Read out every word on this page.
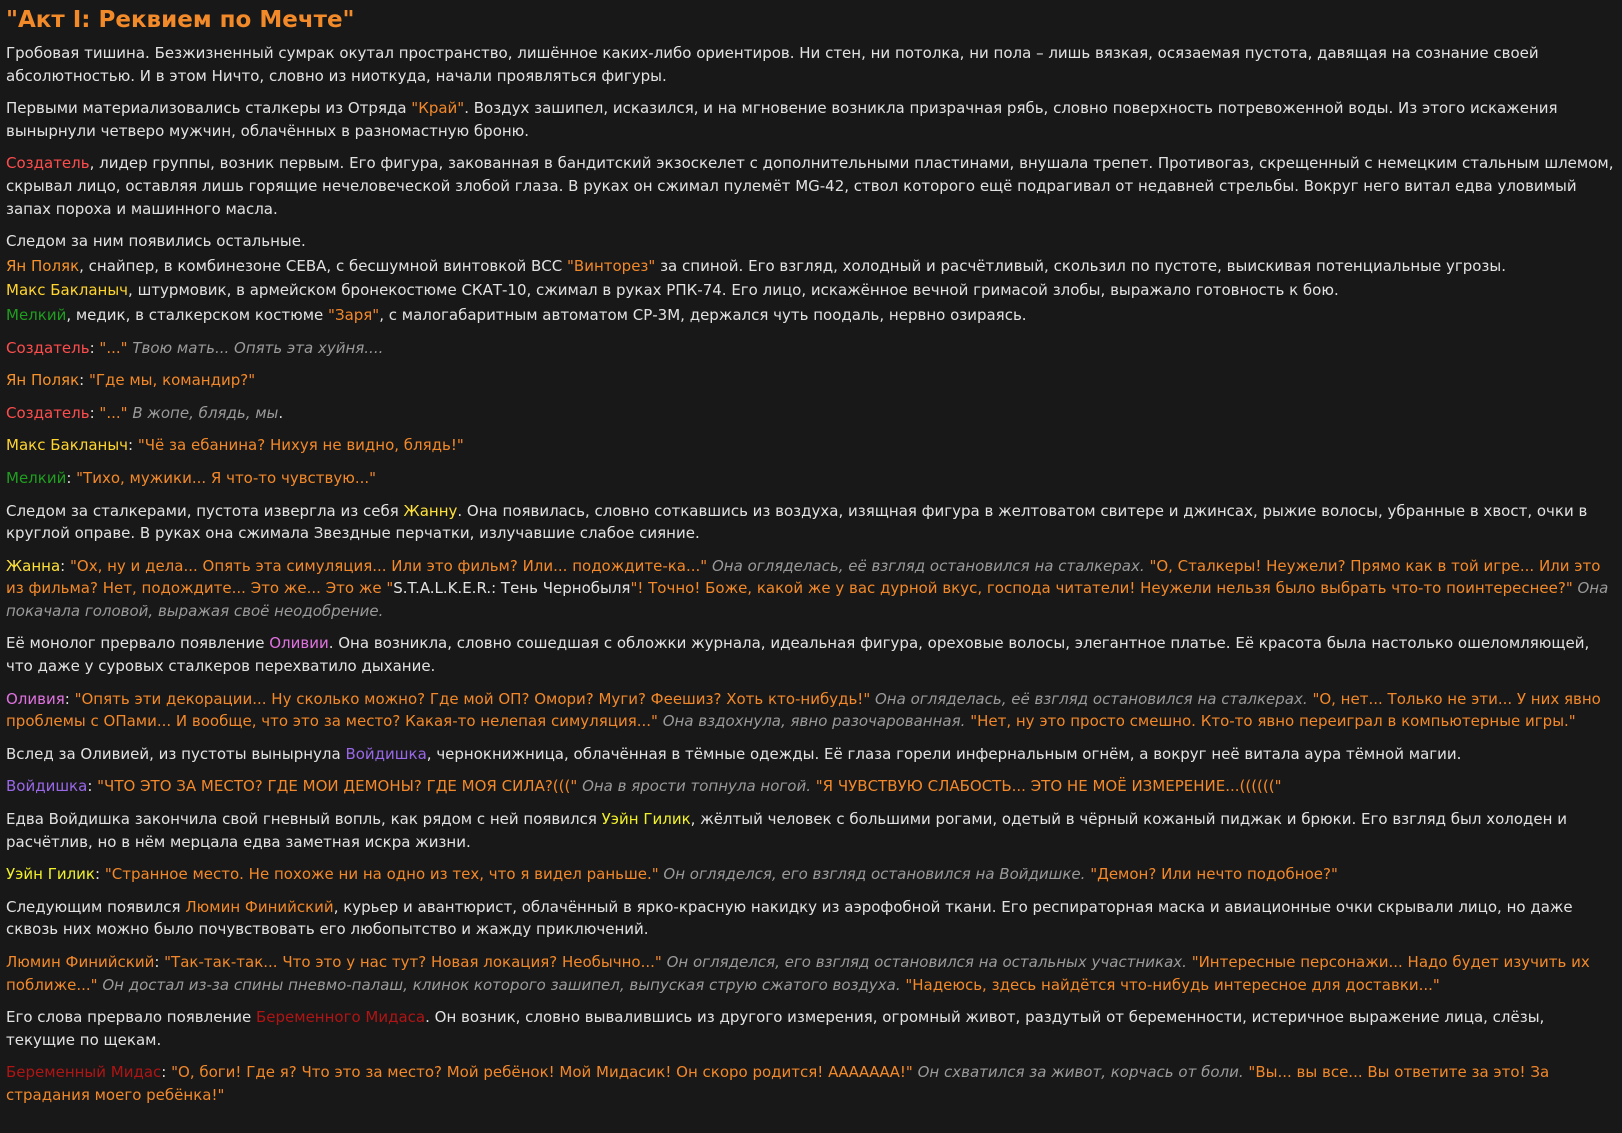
"Акт I: Реквием по Мечте"

Гробовая тишина. Безжизненный сумрак окутал пространство, лишённое каких-либо ориентиров. Ни стен, ни потолка, ни пола – лишь вязкая, осязаемая пустота, давящая на сознание своей абсолютностью. И в этом Ничто, словно из ниоткуда, начали проявляться фигуры.

Первыми материализовались сталкеры из Отряда "Край". Воздух зашипел, исказился, и на мгновение возникла призрачная рябь, словно поверхность потревоженной воды. Из этого искажения вынырнули четверо мужчин, облачённых в разномастную броню.

Создатель, лидер группы, возник первым. Его фигура, закованная в бандитский экзоскелет с дополнительными пластинами, внушала трепет. Противогаз, скрещенный с немецким стальным шлемом, скрывал лицо, оставляя лишь горящие нечеловеческой злобой глаза. В руках он сжимал пулемёт MG-42, ствол которого ещё подрагивал от недавней стрельбы. Вокруг него витал едва уловимый запах пороха и машинного масла.

Следом за ним появились остальные.

Ян Поляк, снайпер, в комбинезоне СЕВА, с бесшумной винтовкой ВСС "Винторез" за спиной. Его взгляд, холодный и расчётливый, скользил по пустоте, выискивая потенциальные угрозы.

Макс Бакланыч, штурмовик, в армейском бронекостюме СКАТ-10, сжимал в руках РПК-74. Его лицо, искажённое вечной гримасой злобы, выражало готовность к бою.

Мелкий, медик, в сталкерском костюме "Заря", с малогабаритным автоматом СР-3М, держался чуть поодаль, нервно озираясь.

Создатель: "..." Твою мать... Опять эта хуйня....

Ян Поляк: "Где мы, командир?"

Создатель: "..." В жопе, блядь, мы.

Макс Бакланыч: "Чё за ебанина? Нихуя не видно, блядь!"

Мелкий: "Тихо, мужики... Я что-то чувствую..."

Следом за сталкерами, пустота извергла из себя Жанну. Она появилась, словно соткавшись из воздуха, изящная фигура в желтоватом свитере и джинсах, рыжие волосы, убранные в хвост, очки в круглой оправе. В руках она сжимала Звездные перчатки, излучавшие слабое сияние.

Жанна: "Ох, ну и дела... Опять эта симуляция... Или это фильм? Или... подождите-ка..." Она огляделась, её взгляд остановился на сталкерах. "О, Сталкеры! Неужели? Прямо как в той игре... Или это из фильма? Нет, подождите... Это же... Это же "S.T.A.L.K.E.R.: Тень Чернобыля"! Точно! Боже, какой же у вас дурной вкус, господа читатели! Неужели нельзя было выбрать что-то поинтереснее?" Она покачала головой, выражая своё неодобрение.

Её монолог прервало появление Оливии. Она возникла, словно сошедшая с обложки журнала, идеальная фигура, ореховые волосы, элегантное платье. Её красота была настолько ошеломляющей, что даже у суровых сталкеров перехватило дыхание.

Оливия: "Опять эти декорации... Ну сколько можно? Где мой ОП? Омори? Муги? Феешиз? Хоть кто-нибудь!" Она огляделась, её взгляд остановился на сталкерах. "О, нет... Только не эти... У них явно проблемы с ОПами... И вообще, что это за место? Какая-то нелепая симуляция..." Она вздохнула, явно разочарованная. "Нет, ну это просто смешно. Кто-то явно переиграл в компьютерные игры."

Вслед за Оливией, из пустоты вынырнула Войдишка, чернокнижница, облачённая в тёмные одежды. Её глаза горели инфернальным огнём, а вокруг неё витала аура тёмной магии.

Войдишка: "ЧТО ЭТО ЗА МЕСТО? ГДЕ МОИ ДЕМОНЫ? ГДЕ МОЯ СИЛА?(((" Она в ярости топнула ногой. "Я ЧУВСТВУЮ СЛАБОСТЬ... ЭТО НЕ МОЁ ИЗМЕРЕНИЕ...(((((("

Едва Войдишка закончила свой гневный вопль, как рядом с ней появился Уэйн Гилик, жёлтый человек с большими рогами, одетый в чёрный кожаный пиджак и брюки. Его взгляд был холоден и расчётлив, но в нём мерцала едва заметная искра жизни.

Уэйн Гилик: "Странное место. Не похоже ни на одно из тех, что я видел раньше." Он огляделся, его взгляд остановился на Войдишке. "Демон? Или нечто подобное?"

Следующим появился Люмин Финийский, курьер и авантюрист, облачённый в ярко-красную накидку из аэрофобной ткани. Его респираторная маска и авиационные очки скрывали лицо, но даже сквозь них можно было почувствовать его любопытство и жажду приключений.

Люмин Финийский: "Так-так-так... Что это у нас тут? Новая локация? Необычно..." Он огляделся, его взгляд остановился на остальных участниках. "Интересные персонажи... Надо будет изучить их поближе..." Он достал из-за спины пневмо-палаш, клинок которого зашипел, выпуская струю сжатого воздуха. "Надеюсь, здесь найдётся что-нибудь интересное для доставки..."

Его слова прервало появление Беременного Мидаса. Он возник, словно вывалившись из другого измерения, огромный живот, раздутый от беременности, истеричное выражение лица, слёзы, текущие по щекам.

Беременный Мидас: "О, боги! Где я? Что это за место? Мой ребёнок! Мой Мидасик! Он скоро родится! ААААААА!" Он схватился за живот, корчась от боли. "Вы... вы все... Вы ответите за это! За страдания моего ребёнка!"
